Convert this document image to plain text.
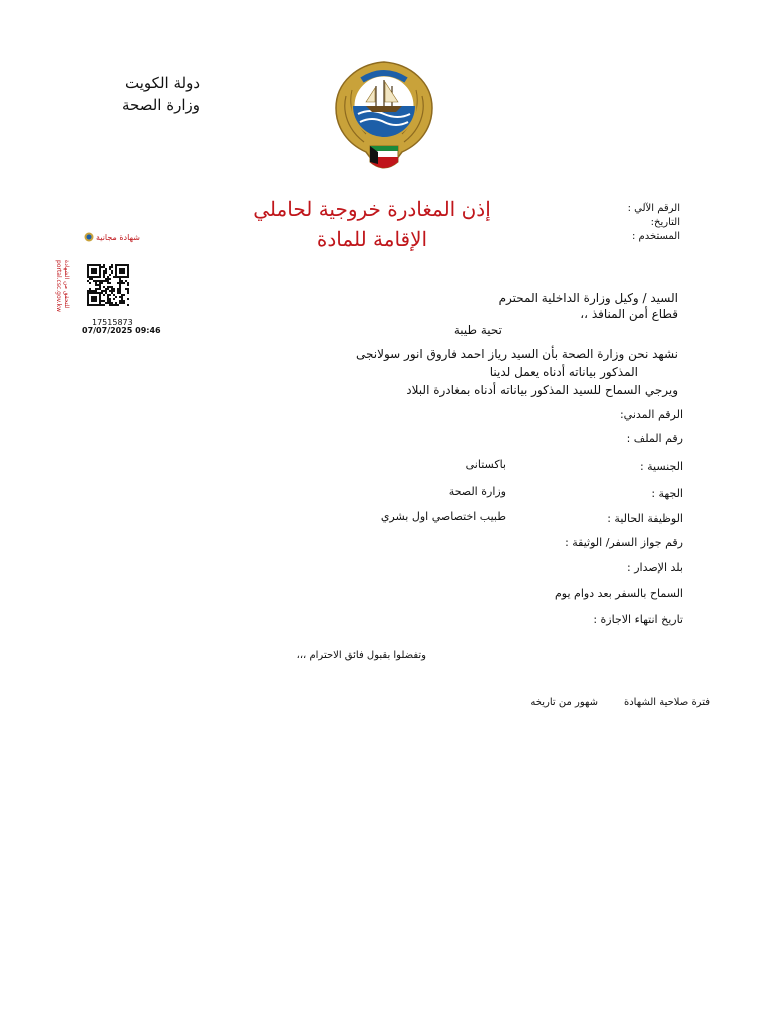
دولة الكويت
وزارة الصحة
إذن المغادرة خروجية لحاملي
الإقامة للمادة
الرقم الآلي :
التاريخ:
المستخدم :
شهادة مجانية
للتحقق من الشهادة
portal.csc.gov.kw
17515873
07/07/2025 09:46
السيد / وكيل وزارة الداخلية المحترم
قطاع أمن المنافذ ،،
تحية طيبة
نشهد نحن وزارة الصحة بأن السيد رياز احمد فاروق انور سولانجى
المذكور بياناته أدناه يعمل لدينا
ويرجي السماح للسيد المذكور بياناته أدناه بمغادرة البلاد
الرقم المدني:
رقم الملف :
الجنسية :
باكستانى
الجهة :
وزارة الصحة
الوظيفة الحالية :
طبيب اختصاصي اول بشري
رقم جواز السفر/ الوثيقة :
بلد الإصدار :
السماح بالسفر بعد دوام يوم
تاريخ انتهاء الاجازة :
وتفضلوا بقبول فائق الاحترام ،،،
فترة صلاحية الشهادة
شهور من تاريخه
